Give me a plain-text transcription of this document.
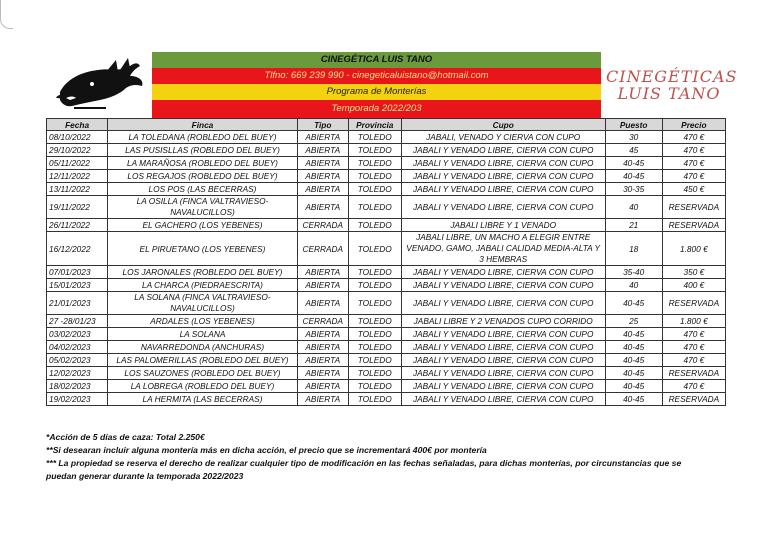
CINEGÉTICA LUIS TANO
Tlfno: 669 239 990 - cinegeticaluistano@hotmail.com
Programa de Monterías
Temporada 2022/203
CINEGÉTICAS
LUIS TANO
Fecha	Finca	Tipo	Provincia	Cupo	Puesto	Precio
08/10/2022	LA TOLEDANA (ROBLEDO DEL BUEY)	ABIERTA	TOLEDO	JABALI, VENADO Y CIERVA CON CUPO	30	470 €
29/10/2022	LAS PUSISLLAS (ROBLEDO DEL BUEY)	ABIERTA	TOLEDO	JABALI Y VENADO LIBRE, CIERVA CON CUPO	45	470 €
05/11/2022	LA MARAÑOSA (ROBLEDO DEL BUEY)	ABIERTA	TOLEDO	JABALI Y VENADO LIBRE, CIERVA CON CUPO	40-45	470 €
12/11/2022	LOS REGAJOS (ROBLEDO DEL BUEY)	ABIERTA	TOLEDO	JABALI Y VENADO LIBRE, CIERVA CON CUPO	40-45	470 €
13/11/2022	LOS POS (LAS BECERRAS)	ABIERTA	TOLEDO	JABALI Y VENADO LIBRE, CIERVA CON CUPO	30-35	450 €
19/11/2022	LA OSILLA (FINCA VALTRAVIESO-NAVALUCILLOS)	ABIERTA	TOLEDO	JABALI Y VENADO LIBRE, CIERVA CON CUPO	40	RESERVADA
26/11/2022	EL GACHERO (LOS YEBENES)	CERRADA	TOLEDO	JABALI LIBRE Y 1 VENADO	21	RESERVADA
16/12/2022	EL PIRUETANO (LOS YEBENES)	CERRADA	TOLEDO	JABALI LIBRE, UN MACHO A ELEGIR ENTRE VENADO, GAMO, JABALI CALIDAD MEDIA-ALTA Y 3 HEMBRAS	18	1.800 €
07/01/2023	LOS JARONALES (ROBLEDO DEL BUEY)	ABIERTA	TOLEDO	JABALI Y VENADO LIBRE, CIERVA CON CUPO	35-40	350 €
15/01/2023	LA CHARCA (PIEDRAESCRITA)	ABIERTA	TOLEDO	JABALI Y VENADO LIBRE, CIERVA CON CUPO	40	400 €
21/01/2023	LA SOLANA (FINCA VALTRAVIESO-NAVALUCILLOS)	ABIERTA	TOLEDO	JABALI Y VENADO LIBRE, CIERVA CON CUPO	40-45	RESERVADA
27 -28/01/23	ARDALES (LOS YEBENES)	CERRADA	TOLEDO	JABALI LIBRE Y 2 VENADOS CUPO CORRIDO	25	1.800 €
03/02/2023	LA SOLANA	ABIERTA	TOLEDO	JABALI Y VENADO LIBRE, CIERVA CON CUPO	40-45	470 €
04/02/2023	NAVARREDONDA (ANCHURAS)	ABIERTA	TOLEDO	JABALI Y VENADO LIBRE, CIERVA CON CUPO	40-45	470 €
05/02/2023	LAS PALOMERILLAS (ROBLEDO DEL BUEY)	ABIERTA	TOLEDO	JABALI Y VENADO LIBRE, CIERVA CON CUPO	40-45	470 €
12/02/2023	LOS SAUZONES (ROBLEDO DEL BUEY)	ABIERTA	TOLEDO	JABALI Y VENADO LIBRE, CIERVA CON CUPO	40-45	RESERVADA
18/02/2023	LA LOBREGA (ROBLEDO DEL BUEY)	ABIERTA	TOLEDO	JABALI Y VENADO LIBRE, CIERVA CON CUPO	40-45	470 €
19/02/2023	LA HERMITA (LAS BECERRAS)	ABIERTA	TOLEDO	JABALI Y VENADO LIBRE, CIERVA CON CUPO	40-45	RESERVADA
*Acción de 5 días de caza: Total 2.250€
**Si desearan incluir alguna montería más en dicha acción, el precio que se incrementará 400€ por montería
*** La propiedad se reserva el derecho de realizar cualquier tipo de modificación en las fechas señaladas, para dichas monterías, por circunstancias que se puedan generar durante la temporada 2022/2023
